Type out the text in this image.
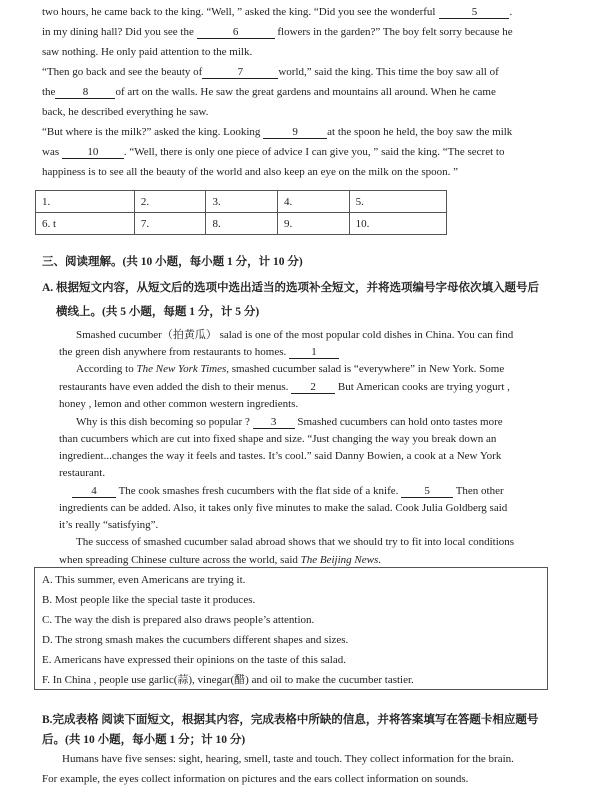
two hours, he came back to the king. “Well, ” asked the king. “Did you see the wonderful	5	.
in my dining hall? Did you see the	6	flowers in the garden?” The boy felt sorry because he
saw nothing. He only paid attention to the milk.
“Then go back and see the beauty of	7	world,” said the king. This time the boy saw all of
the 8 of art on the walls. He saw the great gardens and mountains all around. When he came
back, he described everything he saw.
“But where is the milk?” asked the king. Looking	9	at the spoon he held, the boy saw the milk
was	10 . “Well, there is only one piece of advice I can give you, ” said the king. “The secret to
happiness is to see all the beauty of the world and also keep an eye on the milk on the spoon. ”
1.	2.	3.	4.	5.
6. t	7.	8.	9.	10.
三、阅读理解。(共 10 小题，每小题 1 分，计 10 分)
A. 根据短文内容，从短文后的选项中选出适当的选项补全短文，并将选项编号字母依次填入题号后
横线上。(共 5 小题，每题 1 分，计 5 分)
Smashed cucumber（拍黄瓜） salad is one of the most popular cold dishes in China. You can find
the green dish anywhere from restaurants to homes. 1
According to The New York Times, smashed cucumber salad is “everywhere” in New York. Some
restaurants have even added the dish to their menus. 2 But American cooks are trying yogurt ,
honey , lemon and other common western ingredients.
Why is this dish becoming so popular ? 3 Smashed cucumbers can hold onto tastes more
than cucumbers which are cut into fixed shape and size. “Just changing the way you break down an
ingredient...changes the way it feels and tastes. It’s cool.” said Danny Bowien, a cook at a New York
restaurant.
4 The cook smashes fresh cucumbers with the flat side of a knife. 5 Then other
ingredients can be added. Also, it takes only five minutes to make the salad. Cook Julia Goldberg said
it’s really “satisfying”.
The success of smashed cucumber salad abroad shows that we should try to fit into local conditions
when spreading Chinese culture across the world, said The Beijing News.
A. This summer, even Americans are trying it.
B. Most people like the special taste it produces.
C. The way the dish is prepared also draws people’s attention.
D. The strong smash makes the cucumbers different shapes and sizes.
E. Americans have expressed their opinions on the taste of this salad.
F. In China , people use garlic(蒜), vinegar(醋) and oil to make the cucumber tastier.
B.完成表格 阅读下面短文，根据其内容，完成表格中所缺的信息，并将答案填写在答题卡相应题号
后。(共 10 小题，每小题 1 分；计 10 分)
Humans have five senses: sight, hearing, smell, taste and touch. They collect information for the brain.
For example, the eyes collect information on pictures and the ears collect information on sounds.
